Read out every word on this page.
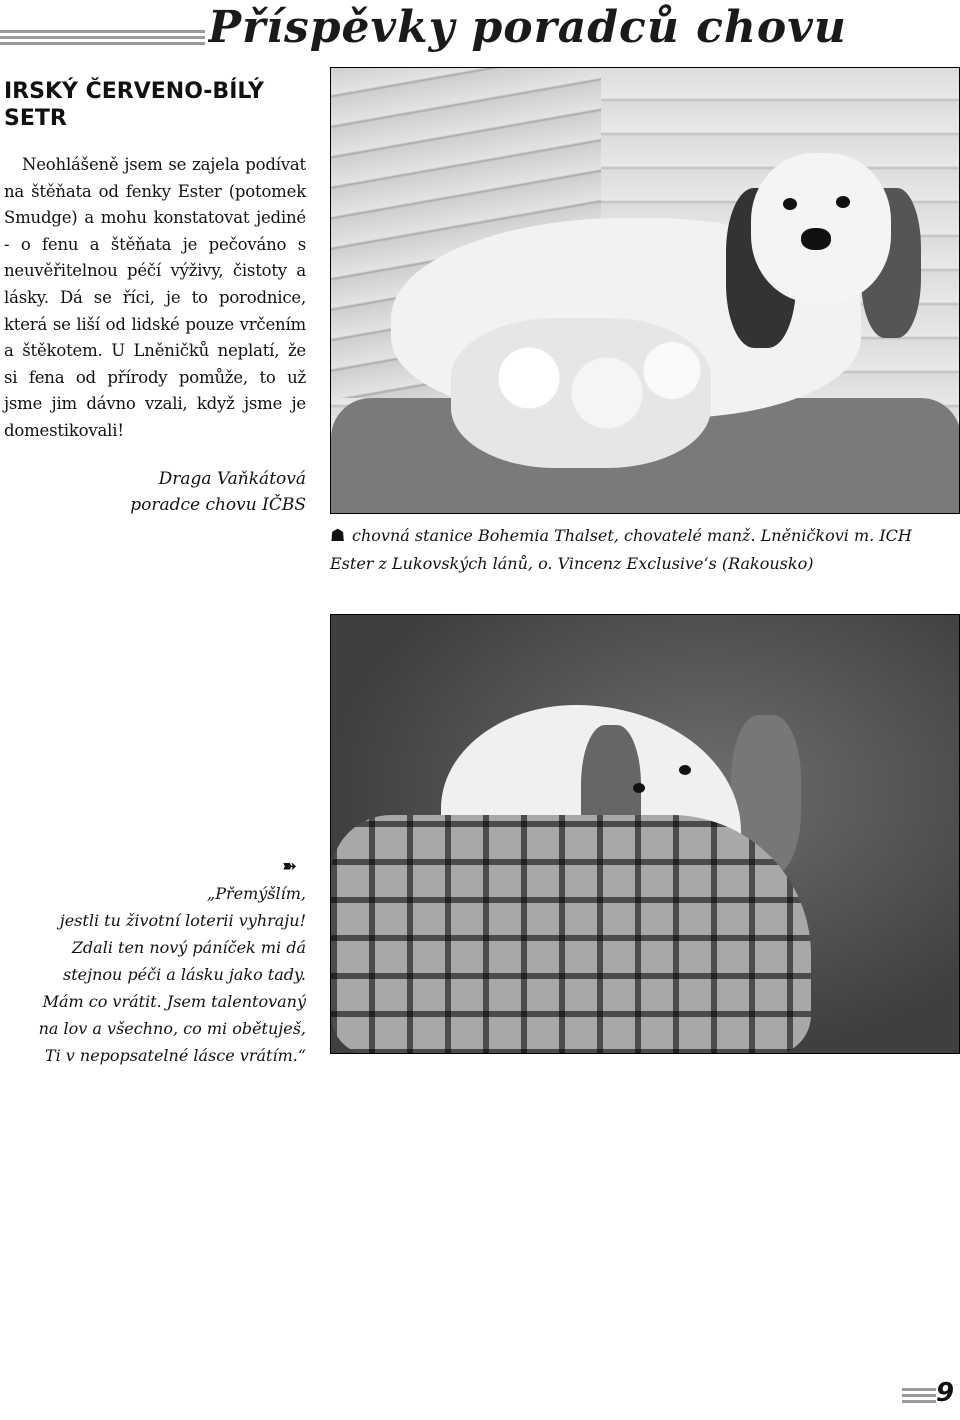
Příspěvky poradců chovu
IRSKÝ ČERVENO-BÍLÝ SETR

Neohlášeně jsem se zajela podívat na štěňata od fenky Ester (potomek Smudge) a mohu konstatovat jediné - o fenu a štěňata je pečováno s neuvěřitelnou péčí výživy, čistoty a lásky. Dá se říci, je to porodnice, která se liší od lidské pouze vrčením a štěkotem. U Lněničků neplatí, že si fena od přírody pomůže, to už jsme jim dávno vzali, když jsme je domestikovali!

Draga Vaňkátová
poradce chovu IČBS
☗ chovná stanice Bohemia Thalset, chovatelé manž. Lněničkovi m. ICH Ester z Lukovských lánů, o. Vincenz Exclusive‘s (Rakousko)
➽
„Přemýšlím,
jestli tu životní loterii vyhraju!
Zdali ten nový páníček mi dá
stejnou péči a lásku jako tady.
Mám co vrátit. Jsem talentovaný
na lov a všechno, co mi obětuješ,
Ti v nepopsatelné lásce vrátím.“
9
